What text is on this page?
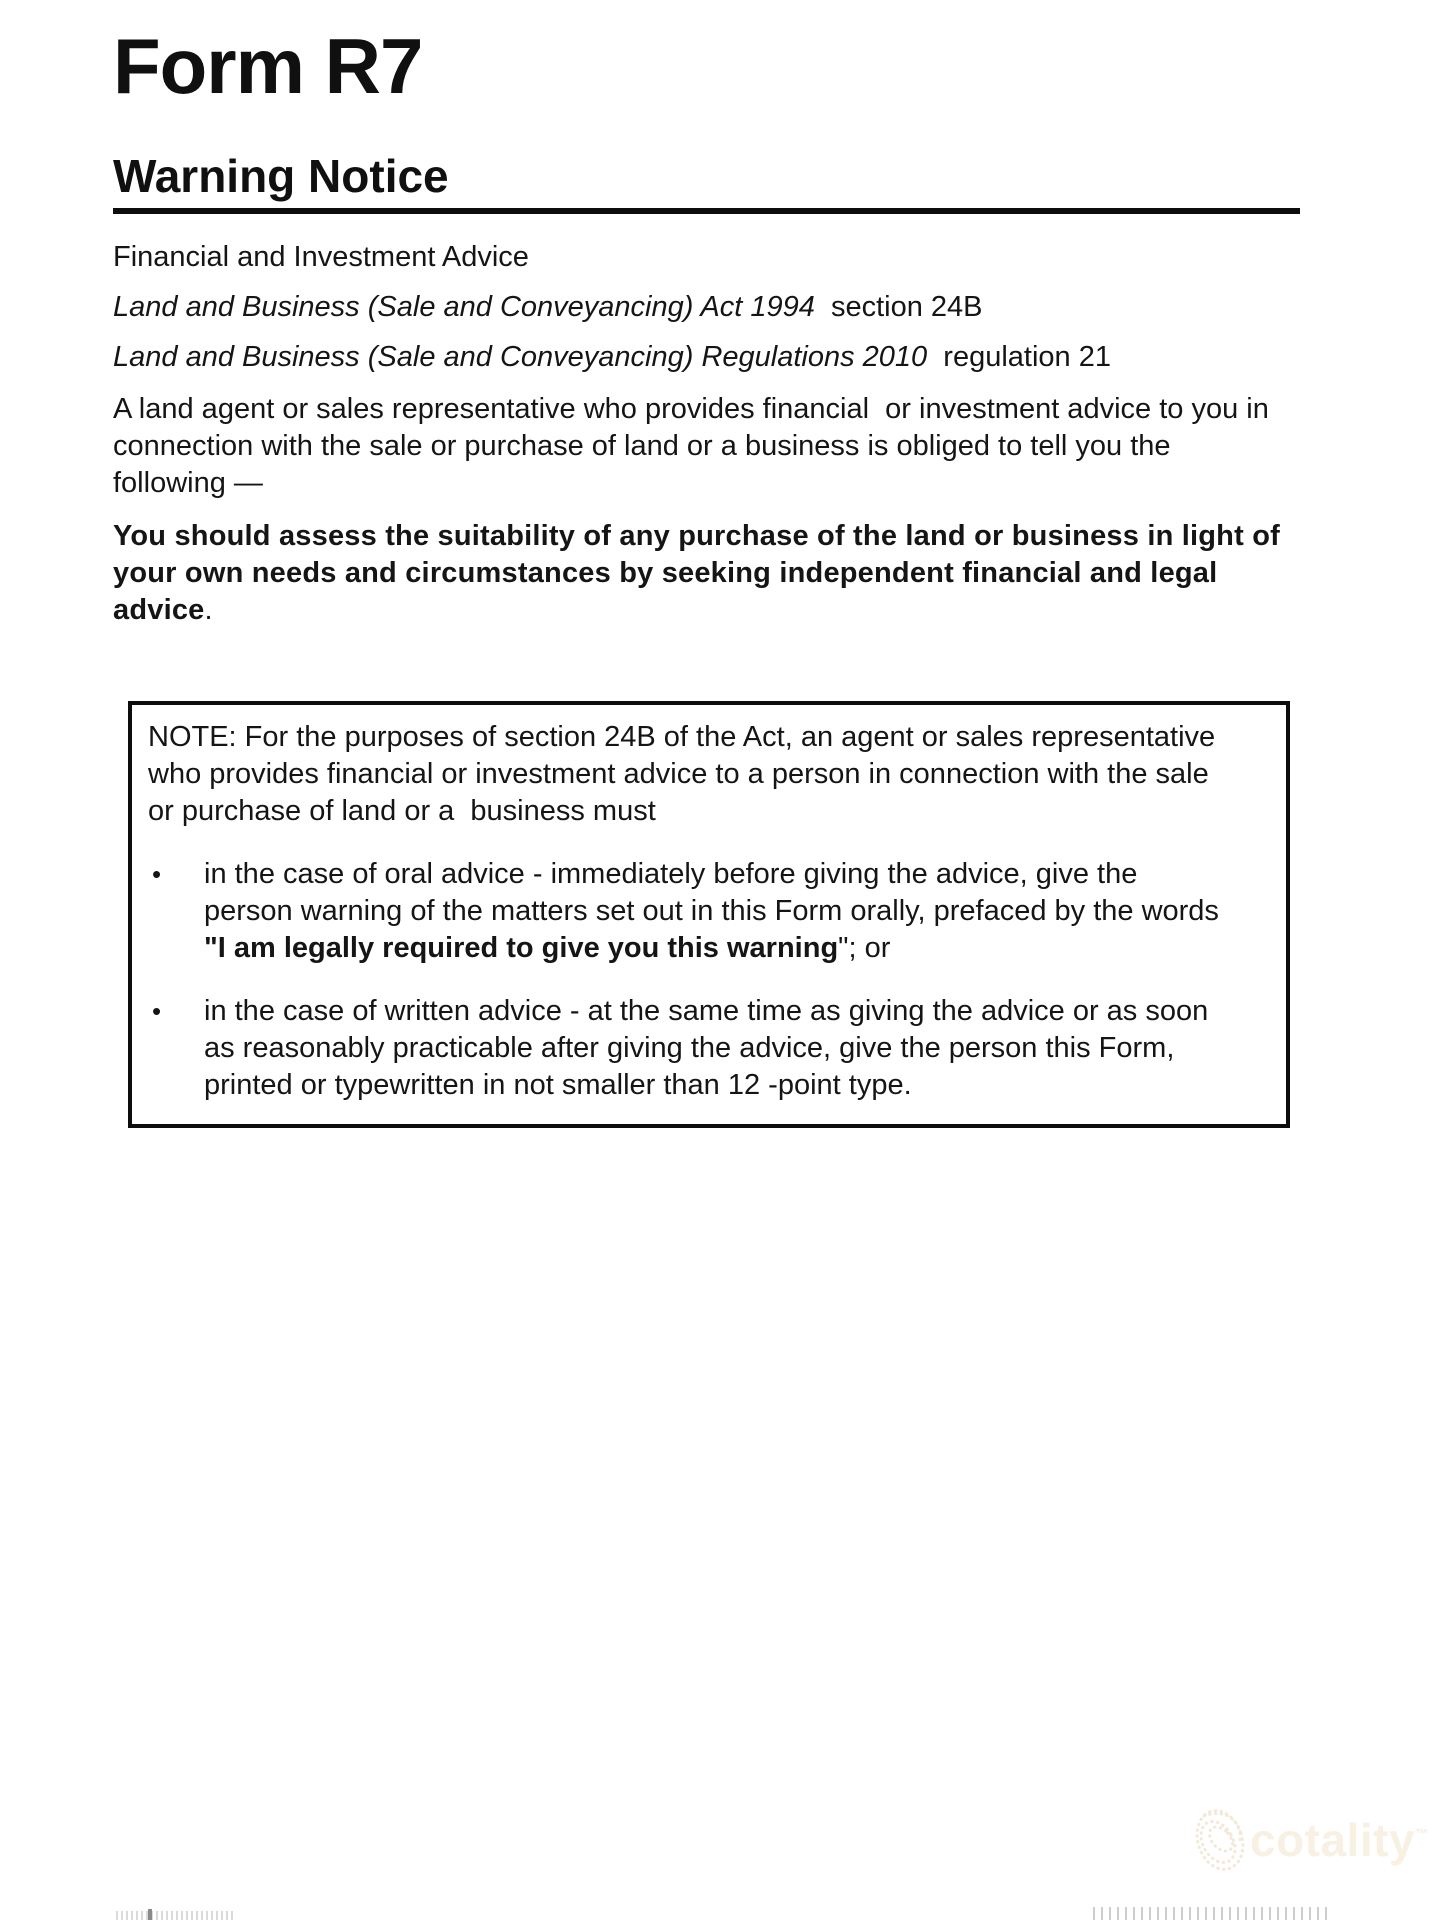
Form R7
Warning Notice
Financial and Investment Advice

Land and Business (Sale and Conveyancing) Act 1994  section 24B

Land and Business (Sale and Conveyancing) Regulations 2010  regulation 21

A land agent or sales representative who provides financial  or investment advice to you in
connection with the sale or purchase of land or a business is obliged to tell you the
following —
You should assess the suitability of any purchase of the land or business in light of
your own needs and circumstances by seeking independent financial and legal
advice.
NOTE: For the purposes of section 24B of the Act, an agent or sales representative
who provides financial or investment advice to a person in connection with the sale
or purchase of land or a  business must
•	in the case of oral advice - immediately before giving the advice, give the
person warning of the matters set out in this Form orally, prefaced by the words
"I am legally required to give you this warning"; or
•	in the case of written advice - at the same time as giving the advice or as soon
as reasonably practicable after giving the advice, give the person this Form,
printed or typewritten in not smaller than 12 -point type.
cotality™
